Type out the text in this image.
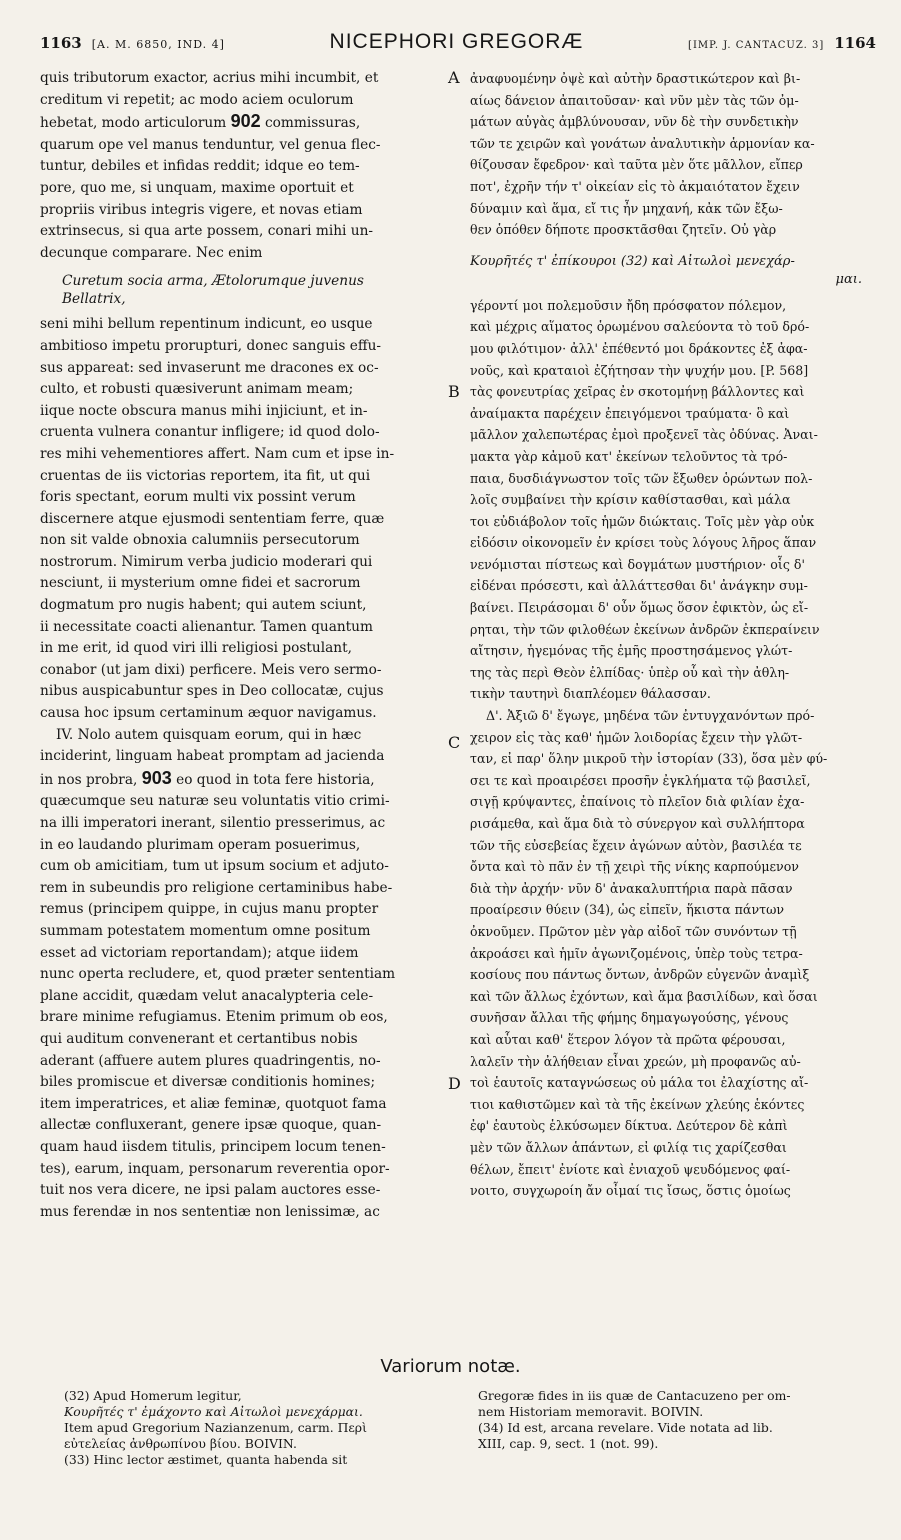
1163 [A. M. 6850, IND. 4]	NICEPHORI GREGORÆ	[IMP. J. CANTACUZ. 3] 1164

quis tributorum exactor, acrius mihi incumbit, et

creditum vi repetit; ac modo aciem oculorum

hebetat, modo articulorum 902 commissuras,

quarum ope vel manus tenduntur, vel genua flec-

tuntur, debiles et infidas reddit; idque eo tem-

pore, quo me, si unquam, maxime oportuit et

propriis viribus integris vigere, et novas etiam

extrinsecus, si qua arte possem, conari mihi un-

decunque comparare. Nec enim

Curetum socia arma, Ætolorumque juvenus

Bellatrix,

seni mihi bellum repentinum indicunt, eo usque

ambitioso impetu prorupturi, donec sanguis effu-

sus appareat: sed invaserunt me dracones ex oc-

culto, et robusti quæsiverunt animam meam;

iique nocte obscura manus mihi injiciunt, et in-

cruenta vulnera conantur infligere; id quod dolo-

res mihi vehementiores affert. Nam cum et ipse in-

cruentas de iis victorias reportem, ita fit, ut qui

foris spectant, eorum multi vix possint verum

discernere atque ejusmodi sententiam ferre, quæ

non sit valde obnoxia calumniis persecutorum

nostrorum. Nimirum verba judicio moderari qui

nesciunt, ii mysterium omne fidei et sacrorum

dogmatum pro nugis habent; qui autem sciunt,

ii necessitate coacti alienantur. Tamen quantum

in me erit, id quod viri illi religiosi postulant,

conabor (ut jam dixi) perficere. Meis vero sermo-

nibus auspicabuntur spes in Deo collocatæ, cujus

causa hoc ipsum certaminum æquor navigamus.

IV. Nolo autem quisquam eorum, qui in hæc

inciderint, linguam habeat promptam ad jacienda

in nos probra, 903 eo quod in tota fere historia,

quæcumque seu naturæ seu voluntatis vitio crimi-

na illi imperatori inerant, silentio presserimus, ac

in eo laudando plurimam operam posuerimus,

cum ob amicitiam, tum ut ipsum socium et adjuto-

rem in subeundis pro religione certaminibus habe-

remus (principem quippe, in cujus manu propter

summam potestatem momentum omne positum

esset ad victoriam reportandam); atque iidem

nunc operta recludere, et, quod præter sententiam

plane accidit, quædam velut anacalypteria cele-

brare minime refugiamus. Etenim primum ob eos,

qui auditum convenerant et certantibus nobis

aderant (affuere autem plures quadringentis, no-

biles promiscue et diversæ conditionis homines;

item imperatrices, et aliæ feminæ, quotquot fama

allectæ confluxerant, genere ipsæ quoque, quan-

quam haud iisdem titulis, principem locum tenen-

tes), earum, inquam, personarum reverentia opor-

tuit nos vera dicere, ne ipsi palam auctores esse-

mus ferendæ in nos sententiæ non lenissimæ, ac

A
B
C
D

ἀναφυομένην ὀψὲ καὶ αὐτὴν δραστικώτερον καὶ βι-

αίως δάνειον ἀπαιτοῦσαν· καὶ νῦν μὲν τὰς τῶν ὀμ-

μάτων αὐγὰς ἀμβλύνουσαν, νῦν δὲ τὴν συνδετικὴν

τῶν τε χειρῶν καὶ γονάτων ἀναλυτικὴν ἁρμονίαν κα-

θίζουσαν ἔφεδρον· καὶ ταῦτα μὲν ὅτε μᾶλλον, εἴπερ

ποτ', ἐχρῆν τήν τ' οἰκείαν εἰς τὸ ἀκμαιότατον ἔχειν

δύναμιν καὶ ἅμα, εἴ τις ἦν μηχανή, κἀκ τῶν ἔξω-

θεν ὁπόθεν δήποτε προσκτᾶσθαι ζητεῖν. Οὐ γὰρ

Κουρῆτές τ' ἐπίκουροι (32) καὶ Αἰτωλοὶ μενεχάρ-

μαι.

γέροντί μοι πολεμοῦσιν ἤδη πρόσφατον πόλεμον,

καὶ μέχρις αἵματος ὁρωμένου σαλεύοντα τὸ τοῦ δρό-

μου φιλότιμον· ἀλλ' ἐπέθεντό μοι δράκοντες ἐξ ἀφα-

νοῦς, καὶ κραταιοὶ ἐζήτησαν τὴν ψυχήν μου. [P. 568]

τὰς φονευτρίας χεῖρας ἐν σκοτομήνῃ βάλλοντες καὶ

ἀναίμακτα παρέχειν ἐπειγόμενοι τραύματα· ὃ καὶ

μᾶλλον χαλεπωτέρας ἐμοὶ προξενεῖ τὰς ὀδύνας. Ἀναι-

μακτα γὰρ κἀμοῦ κατ' ἐκείνων τελοῦντος τὰ τρό-

παια, δυσδιάγνωστον τοῖς τῶν ἔξωθεν ὁρώντων πολ-

λοῖς συμβαίνει τὴν κρίσιν καθίστασθαι, καὶ μάλα

τοι εὐδιάβολον τοῖς ἡμῶν διώκταις. Τοῖς μὲν γὰρ οὐκ

εἰδόσιν οἰκονομεῖν ἐν κρίσει τοὺς λόγους λῆρος ἅπαν

νενόμισται πίστεως καὶ δογμάτων μυστήριον· οἷς δ'

εἰδέναι πρόσεστι, καὶ ἀλλάττεσθαι δι' ἀνάγκην συμ-

βαίνει. Πειράσομαι δ' οὖν ὅμως ὅσον ἐφικτὸν, ὡς εἴ-

ρηται, τὴν τῶν φιλοθέων ἐκείνων ἀνδρῶν ἐκπεραίνειν

αἴτησιν, ἡγεμόνας τῆς ἐμῆς προστησάμενος γλώτ-

της τὰς περὶ Θεὸν ἐλπίδας· ὑπὲρ οὗ καὶ τὴν ἀθλη-

τικὴν ταυτηνὶ διαπλέομεν θάλασσαν.

Δ'. Ἀξιῶ δ' ἔγωγε, μηδένα τῶν ἐντυγχανόντων πρό-

χειρον εἰς τὰς καθ' ἡμῶν λοιδορίας ἔχειν τὴν γλῶτ-

ταν, εἰ παρ' ὅλην μικροῦ τὴν ἱστορίαν (33), ὅσα μὲν φύ-

σει τε καὶ προαιρέσει προσῆν ἐγκλήματα τῷ βασιλεῖ,

σιγῇ κρύψαντες, ἐπαίνοις τὸ πλεῖον διὰ φιλίαν ἐχα-

ρισάμεθα, καὶ ἅμα διὰ τὸ σύνεργον καὶ συλλήπτορα

τῶν τῆς εὐσεβείας ἔχειν ἀγώνων αὐτὸν, βασιλέα τε

ὄντα καὶ τὸ πᾶν ἐν τῇ χειρὶ τῆς νίκης καρπούμενον

διὰ τὴν ἀρχήν· νῦν δ' ἀνακαλυπτήρια παρὰ πᾶσαν

προαίρεσιν θύειν (34), ὡς εἰπεῖν, ἥκιστα πάντων

ὀκνοῦμεν. Πρῶτον μὲν γὰρ αἰδοῖ τῶν συνόντων τῇ

ἀκροάσει καὶ ἡμῖν ἀγωνιζομένοις, ὑπὲρ τοὺς τετρα-

κοσίους που πάντως ὄντων, ἀνδρῶν εὐγενῶν ἀναμὶξ

καὶ τῶν ἄλλως ἐχόντων, καὶ ἅμα βασιλίδων, καὶ ὅσαι

συνῆσαν ἄλλαι τῆς φήμης δημαγωγούσης, γένους

καὶ αὗται καθ' ἕτερον λόγον τὰ πρῶτα φέρουσαι,

λαλεῖν τὴν ἀλήθειαν εἶναι χρεών, μὴ προφανῶς αὐ-

τοὶ ἑαυτοῖς καταγνώσεως οὐ μάλα τοι ἐλαχίστης αἴ-

τιοι καθιστῶμεν καὶ τὰ τῆς ἐκείνων χλεύης ἑκόντες

ἐφ' ἑαυτοὺς ἑλκύσωμεν δίκτυα. Δεύτερον δὲ κἀπὶ

μὲν τῶν ἄλλων ἁπάντων, εἰ φιλίᾳ τις χαρίζεσθαι

θέλων, ἔπειτ' ἐνίοτε καὶ ἐνιαχοῦ ψευδόμενος φαί-

νοιτο, συγχωροίη ἄν οἶμαί τις ἴσως, ὅστις ὁμοίως

Variorum notæ.

(32) Apud Homerum legitur,

Κουρῆτές τ' ἐμάχοντο καὶ Αἰτωλοὶ μενεχάρμαι.

Item apud Gregorium Nazianzenum, carm. Περὶ

εὐτελείας ἀνθρωπίνου βίου. BOIVIN.

(33) Hinc lector æstimet, quanta habenda sit

Gregoræ fides in iis quæ de Cantacuzeno per om-

nem Historiam memoravit. BOIVIN.

(34) Id est, arcana revelare. Vide notata ad lib.

XIII, cap. 9, sect. 1 (not. 99).
